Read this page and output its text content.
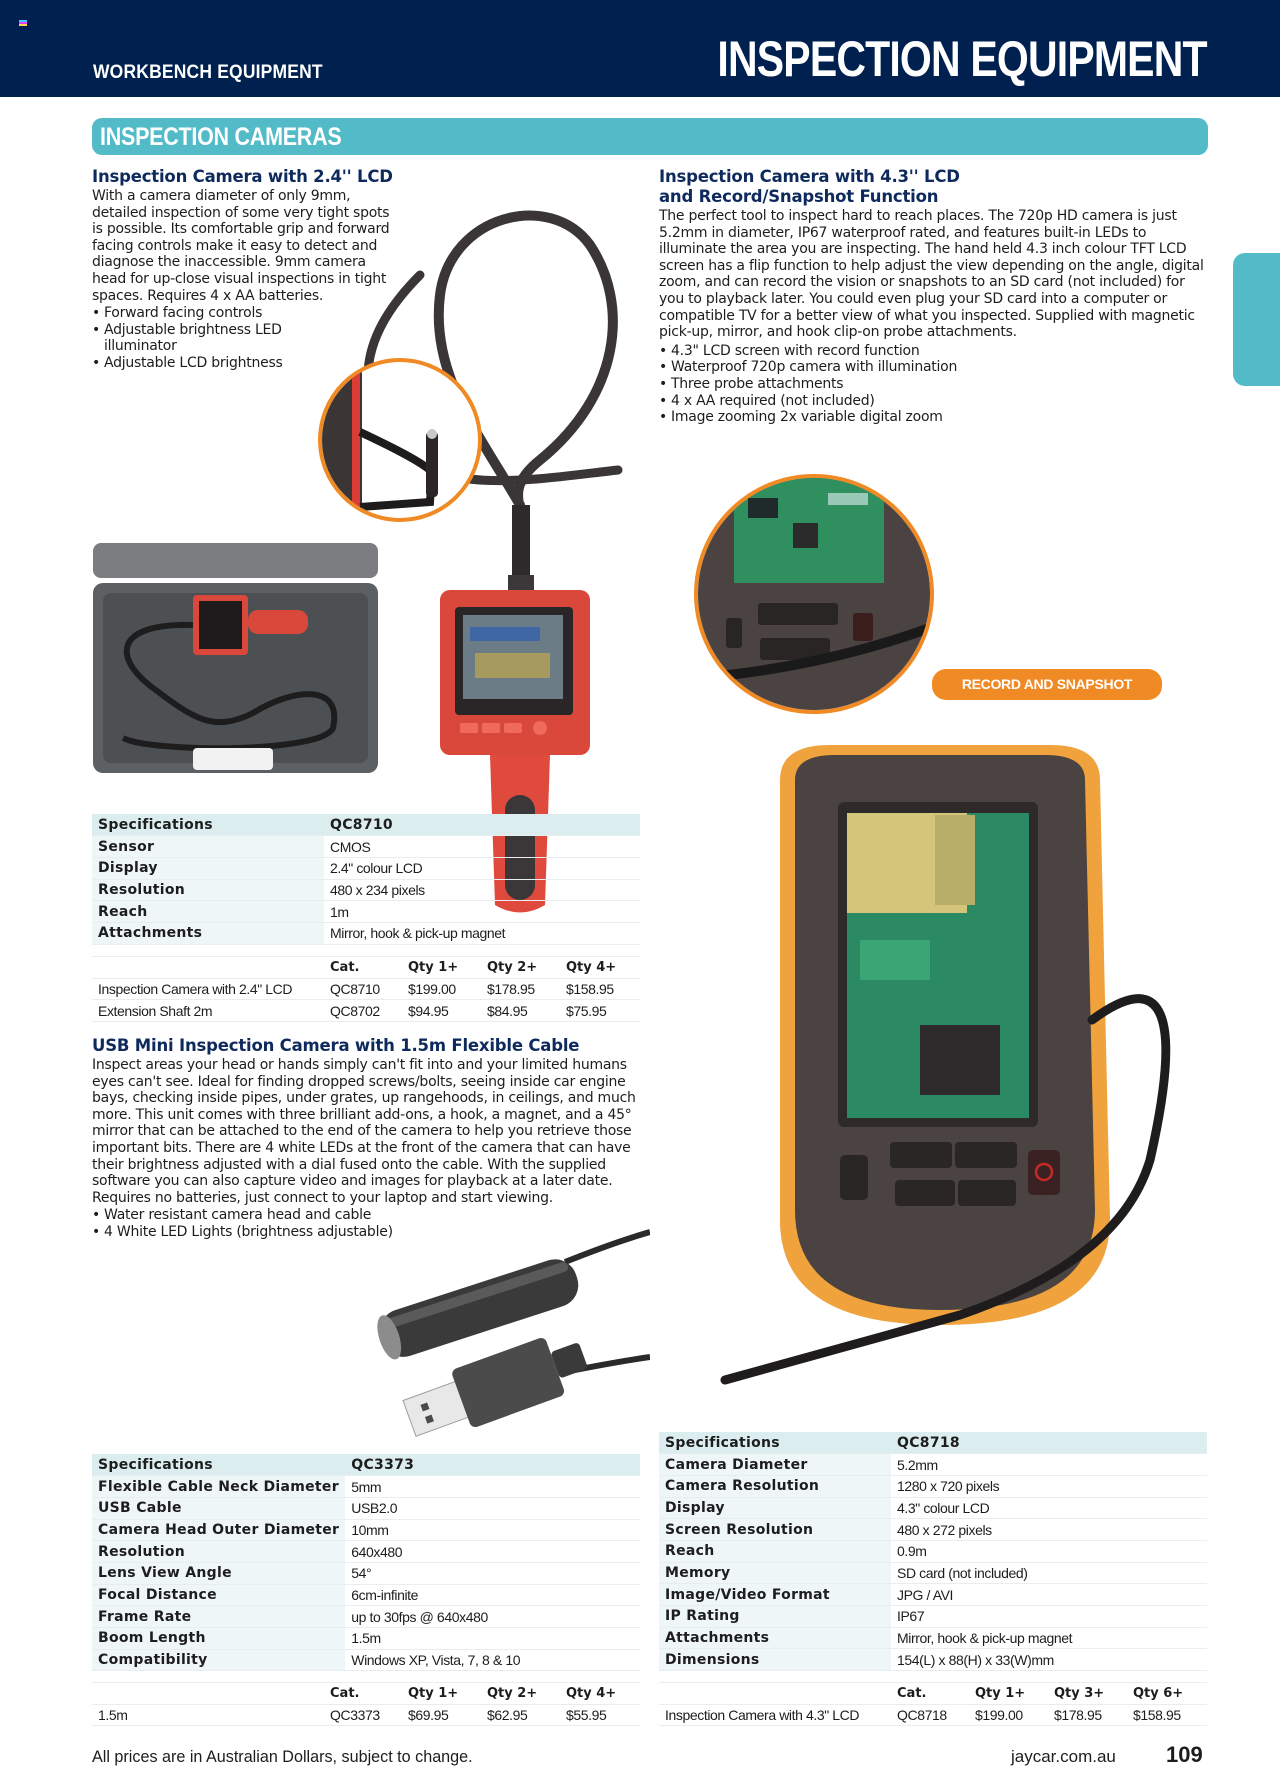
WORKBENCH EQUIPMENT	INSPECTION EQUIPMENT
INSPECTION CAMERAS
Inspection Camera with 2.4'' LCD
With a camera diameter of only 9mm, detailed inspection of some very tight spots is possible. Its comfortable grip and forward facing controls make it easy to detect and diagnose the inaccessible. 9mm camera head for up-close visual inspections in tight spaces. Requires 4 x AA batteries.
• Forward facing controls
• Adjustable brightness LED illuminator
• Adjustable LCD brightness
Specifications	QC8710
Sensor	CMOS
Display	2.4" colour LCD
Resolution	480 x 234 pixels
Reach	1m
Attachments	Mirror, hook & pick-up magnet
	Cat.	Qty 1+	Qty 2+	Qty 4+
Inspection Camera with 2.4" LCD	QC8710	$199.00	$178.95	$158.95
Extension Shaft 2m	QC8702	$94.95	$84.95	$75.95
Inspection Camera with 4.3'' LCD
and Record/Snapshot Function
The perfect tool to inspect hard to reach places. The 720p HD camera is just 5.2mm in diameter, IP67 waterproof rated, and features built-in LEDs to illuminate the area you are inspecting. The hand held 4.3 inch colour TFT LCD screen has a flip function to help adjust the view depending on the angle, digital zoom, and can record the vision or snapshots to an SD card (not included) for you to playback later. You could even plug your SD card into a computer or compatible TV for a better view of what you inspected. Supplied with magnetic pick-up, mirror, and hook clip-on probe attachments.
• 4.3" LCD screen with record function
• Waterproof 720p camera with illumination
• Three probe attachments
• 4 x AA required (not included)
• Image zooming 2x variable digital zoom
RECORD AND SNAPSHOT FUNCTION
Specifications	QC8718
Camera Diameter	5.2mm
Camera Resolution	1280 x 720 pixels
Display	4.3" colour LCD
Screen Resolution	480 x 272 pixels
Reach	0.9m
Memory	SD card (not included)
Image/Video Format	JPG / AVI
IP Rating	IP67
Attachments	Mirror, hook & pick-up magnet
Dimensions	154(L) x 88(H) x 33(W)mm
	Cat.	Qty 1+	Qty 3+	Qty 6+
Inspection Camera with 4.3" LCD	QC8718	$199.00	$178.95	$158.95
USB Mini Inspection Camera with 1.5m Flexible Cable
Inspect areas your head or hands simply can't fit into and your limited humans eyes can't see. Ideal for finding dropped screws/bolts, seeing inside car engine bays, checking inside pipes, under grates, up rangehoods, in ceilings, and much more. This unit comes with three brilliant add-ons, a hook, a magnet, and a 45° mirror that can be attached to the end of the camera to help you retrieve those important bits. There are 4 white LEDs at the front of the camera that can have their brightness adjusted with a dial fused onto the cable. With the supplied software you can also capture video and images for playback at a later date. Requires no batteries, just connect to your laptop and start viewing.
• Water resistant camera head and cable
• 4 White LED Lights (brightness adjustable)
Specifications	QC3373
Flexible Cable Neck Diameter	5mm
USB Cable	USB2.0
Camera Head Outer Diameter	10mm
Resolution	640x480
Lens View Angle	54°
Focal Distance	6cm-infinite
Frame Rate	up to 30fps @ 640x480
Boom Length	1.5m
Compatibility	Windows XP, Vista, 7, 8 & 10
	Cat.	Qty 1+	Qty 2+	Qty 4+
1.5m	QC3373	$69.95	$62.95	$55.95
All prices are in Australian Dollars, subject to change.	jaycar.com.au 109
